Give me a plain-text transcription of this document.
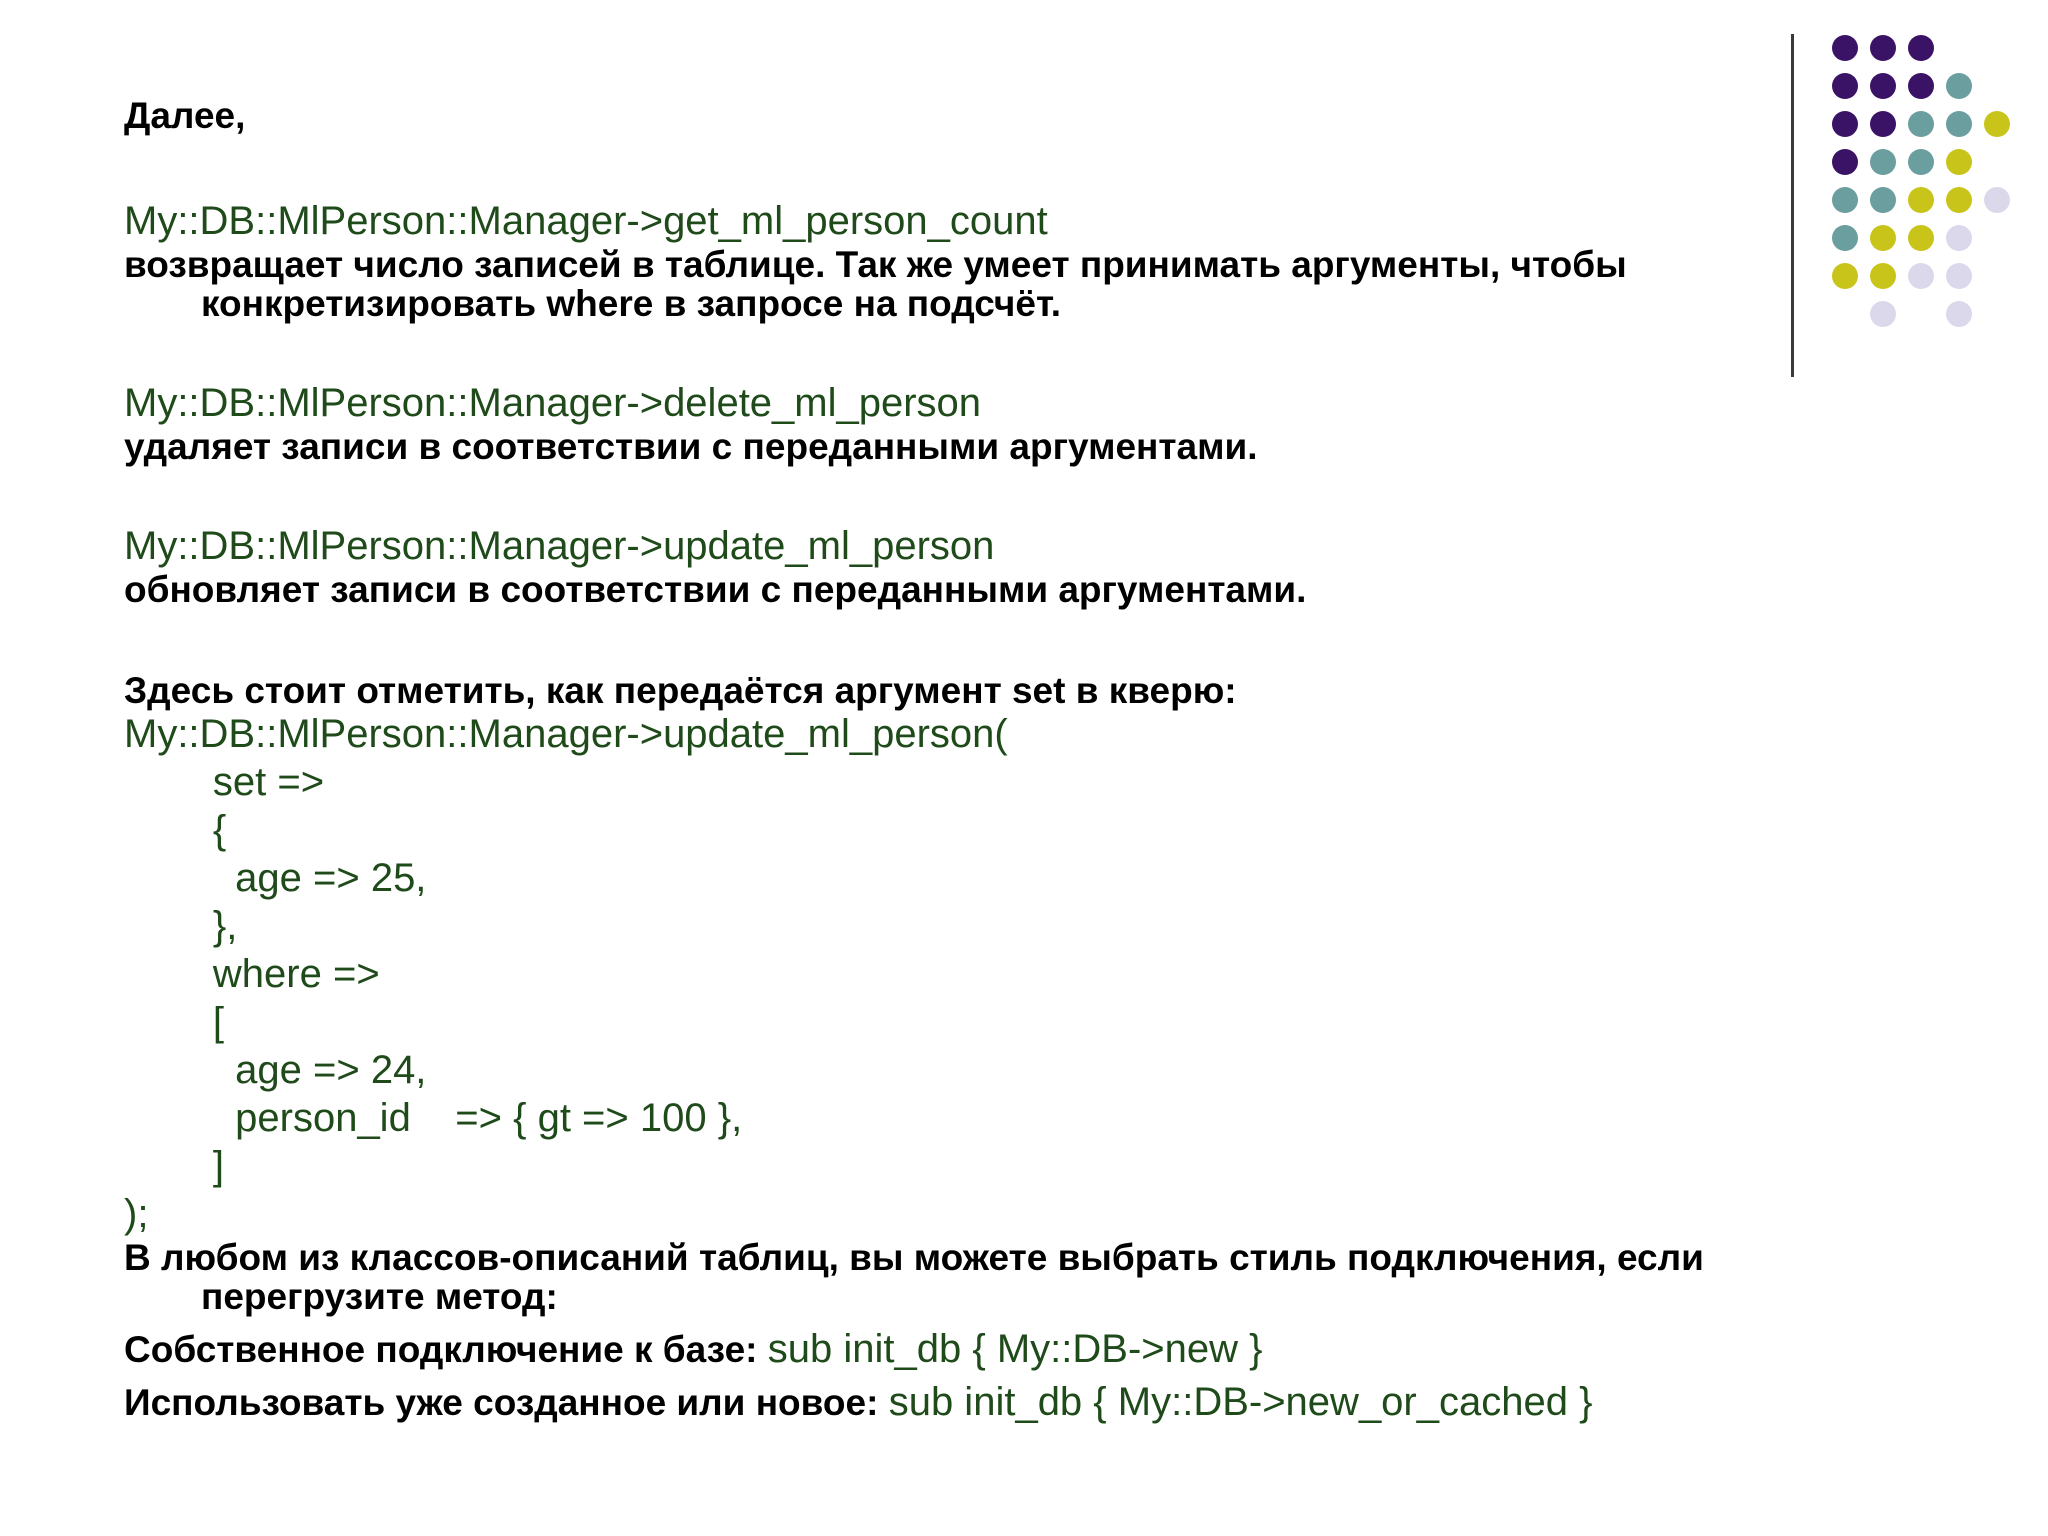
Далее,
My::DB::MlPerson::Manager->get_ml_person_count
возвращает число записей в таблице. Так же умеет принимать аргументы, чтобы конкретизировать where в запросе на подсчёт.
My::DB::MlPerson::Manager->delete_ml_person
удаляет записи в соответствии с переданными аргументами.
My::DB::MlPerson::Manager->update_ml_person
обновляет записи в соответствии с переданными аргументами.
Здесь стоит отметить, как передаётся аргумент set в кверю:
My::DB::MlPerson::Manager->update_ml_person(
set =>
{
age => 25,
},
where =>
[
age => 24,
person_id    => { gt => 100 },
]
);
В любом из классов-описаний таблиц, вы можете выбрать стиль подключения, если перегрузите метод:
Собственное подключение к базе: sub init_db { My::DB->new }
Использовать уже созданное или новое: sub init_db { My::DB->new_or_cached }
